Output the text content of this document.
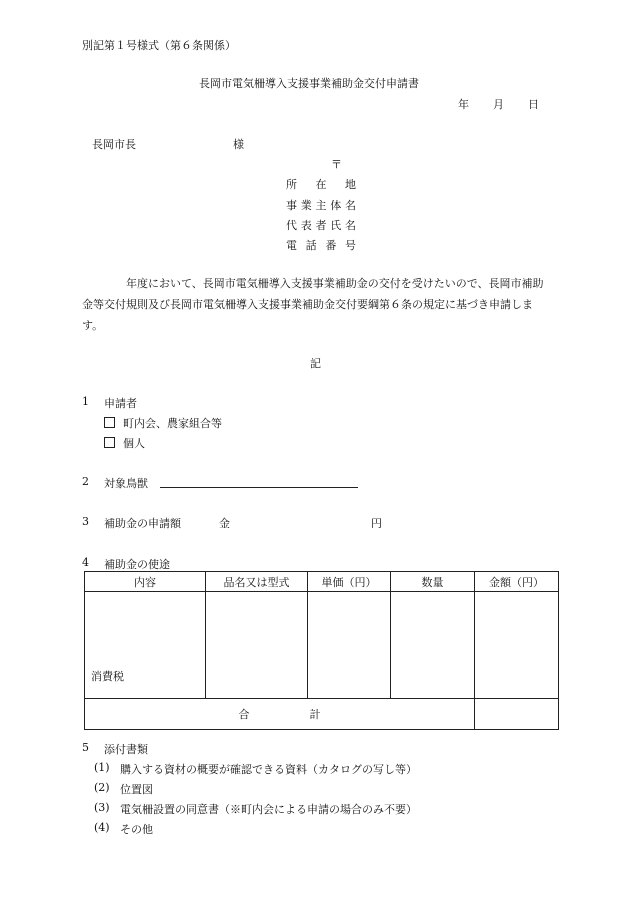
別記第１号様式（第６条関係）
長岡市電気柵導入支援事業補助金交付申請書
年 月 日
長岡市長	様
〒
所 在 地
事業主体名
代表者氏名
電 話 番 号
年度において、長岡市電気柵導入支援事業補助金の交付を受けたいので、長岡市補助金等交付規則及び長岡市電気柵導入支援事業補助金交付要綱第６条の規定に基づき申請します。
記
1 申請者
町内会、農家組合等
個人
2 対象鳥獣
3 補助金の申請額	金	円
4 補助金の使途
内容	品名又は型式	単価（円）	数量	金額（円）
消費税				
合 計				
5 添付書類
(1) 購入する資材の概要が確認できる資料（カタログの写し等）
(2) 位置図
(3) 電気柵設置の同意書（※町内会による申請の場合のみ不要）
(4) その他
